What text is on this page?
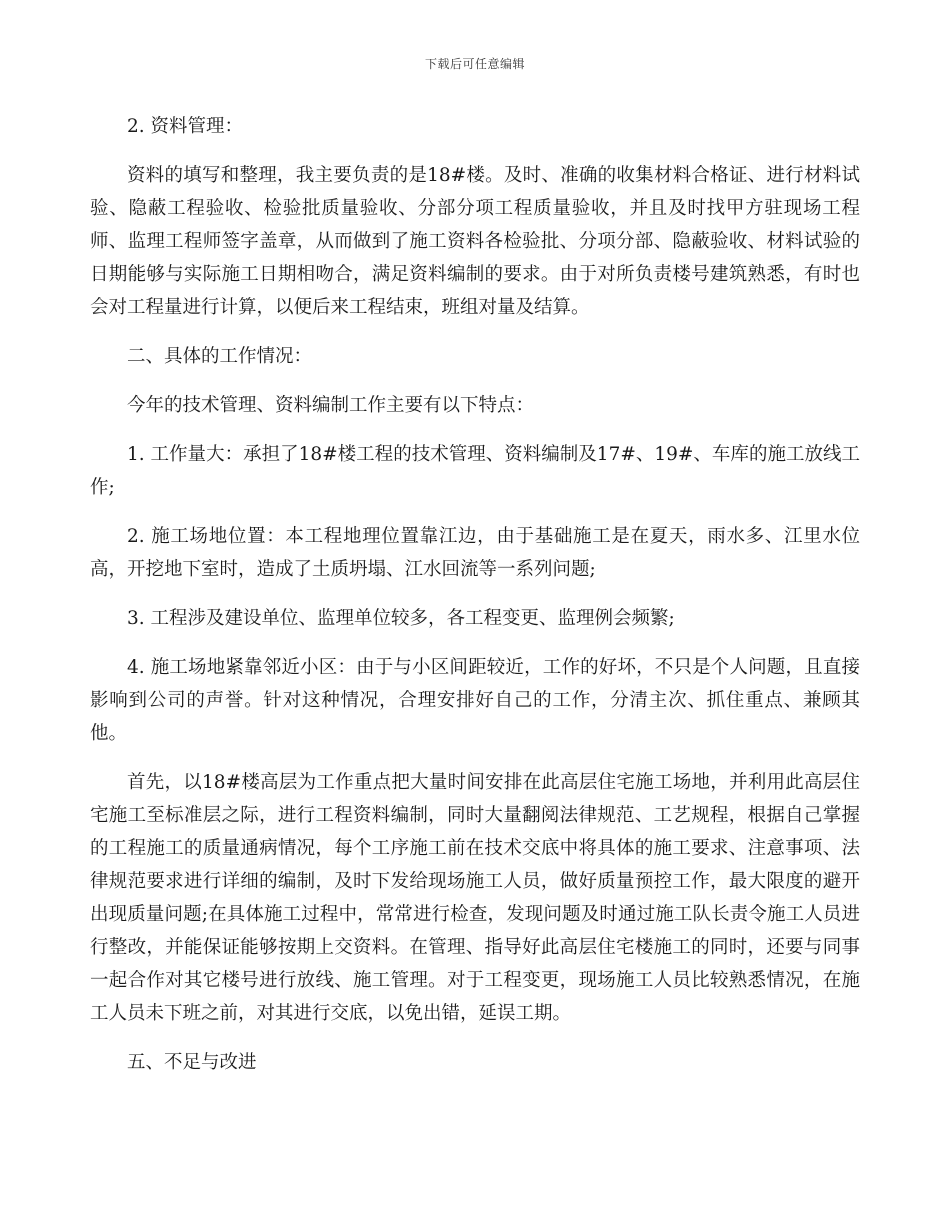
下载后可任意编辑

2. 资料管理：

资料的填写和整理，我主要负责的是18#楼。及时、准确的收集材料合格证、进行材料试验、隐蔽工程验收、检验批质量验收、分部分项工程质量验收，并且及时找甲方驻现场工程师、监理工程师签字盖章，从而做到了施工资料各检验批、分项分部、隐蔽验收、材料试验的日期能够与实际施工日期相吻合，满足资料编制的要求。由于对所负责楼号建筑熟悉，有时也会对工程量进行计算，以便后来工程结束，班组对量及结算。

二、具体的工作情况：

今年的技术管理、资料编制工作主要有以下特点：

1. 工作量大：承担了18#楼工程的技术管理、资料编制及17#、19#、车库的施工放线工作;

2. 施工场地位置：本工程地理位置靠江边，由于基础施工是在夏天，雨水多、江里水位高，开挖地下室时，造成了土质坍塌、江水回流等一系列问题;

3. 工程涉及建设单位、监理单位较多，各工程变更、监理例会频繁;

4. 施工场地紧靠邻近小区：由于与小区间距较近，工作的好坏，不只是个人问题，且直接影响到公司的声誉。针对这种情况，合理安排好自己的工作，分清主次、抓住重点、兼顾其他。

首先，以18#楼高层为工作重点把大量时间安排在此高层住宅施工场地，并利用此高层住宅施工至标准层之际，进行工程资料编制，同时大量翻阅法律规范、工艺规程，根据自己掌握的工程施工的质量通病情况，每个工序施工前在技术交底中将具体的施工要求、注意事项、法律规范要求进行详细的编制，及时下发给现场施工人员，做好质量预控工作，最大限度的避开出现质量问题;在具体施工过程中，常常进行检查，发现问题及时通过施工队长责令施工人员进行整改，并能保证能够按期上交资料。在管理、指导好此高层住宅楼施工的同时，还要与同事一起合作对其它楼号进行放线、施工管理。对于工程变更，现场施工人员比较熟悉情况，在施工人员未下班之前，对其进行交底，以免出错，延误工期。

五、不足与改进
